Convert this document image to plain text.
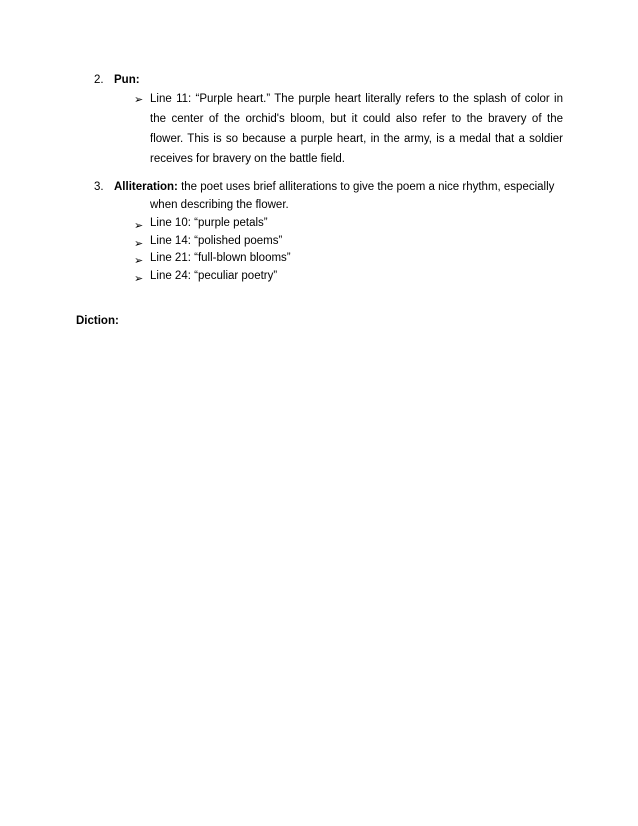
2. Pun:
➢ Line 11: “Purple heart.” The purple heart literally refers to the splash of color in the center of the orchid's bloom, but it could also refer to the bravery of the flower. This is so because a purple heart, in the army, is a medal that a soldier receives for bravery on the battle field.
3. Alliteration: the poet uses brief alliterations to give the poem a nice rhythm, especially
when describing the flower.
➢ Line 10: “purple petals”
➢ Line 14: “polished poems”
➢ Line 21: “full-blown blooms”
➢ Line 24: “peculiar poetry”
Diction:
